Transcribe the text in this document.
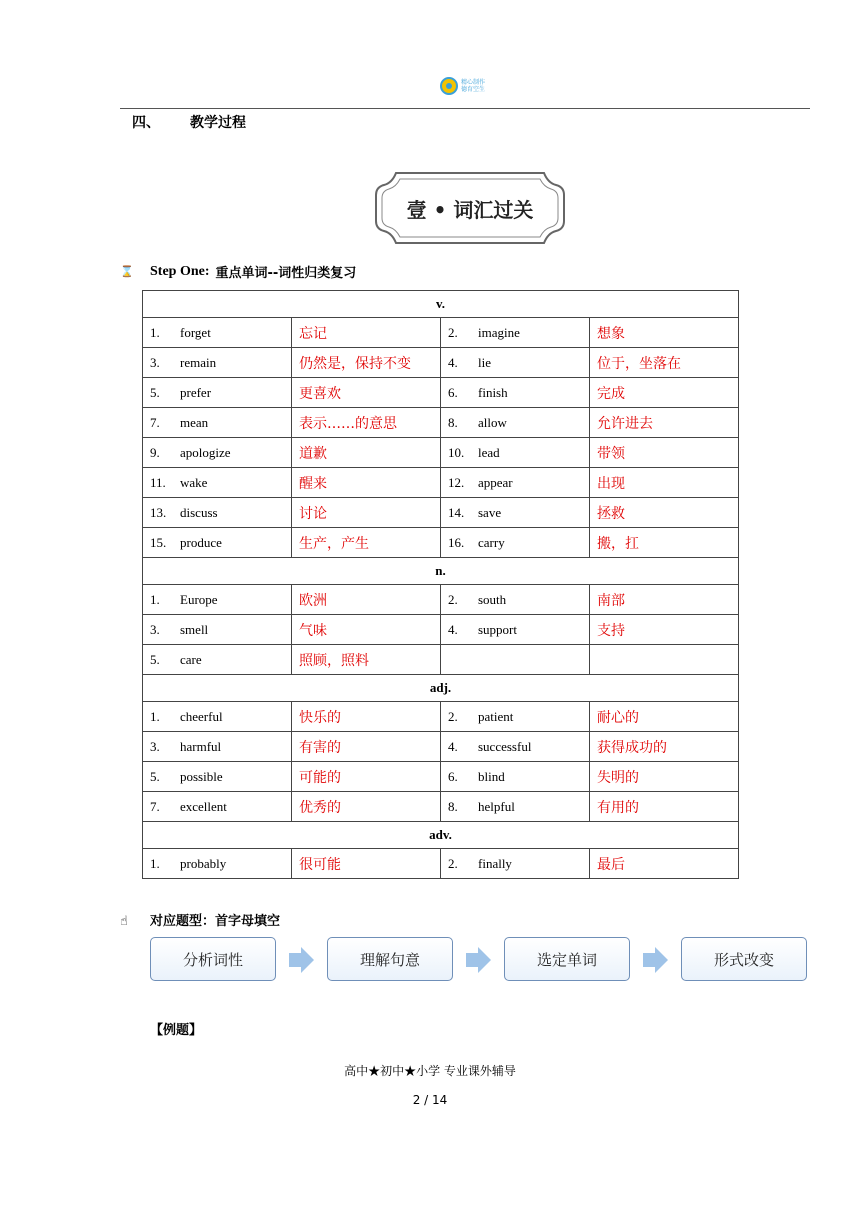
精心制作
德育空生
四、 教学过程
壹 • 词汇过关
⌛ Step One: 重点单词--词性归类复习
v.			
1. forget	忘记	2. imagine	想象
3. remain	仍然是，保持不变	4. lie	位于，坐落在
5. prefer	更喜欢	6. finish	完成
7. mean	表示……的意思	8. allow	允许进去
9. apologize	道歉	10. lead	带领
11. wake	醒来	12. appear	出现
13. discuss	讨论	14. save	拯救
15. produce	生产，产生	16. carry	搬，扛
n.			
1. Europe	欧洲	2. south	南部
3. smell	气味	4. support	支持
5. care	照顾，照料		
adj.			
1. cheerful	快乐的	2. patient	耐心的
3. harmful	有害的	4. successful	获得成功的
5. possible	可能的	6. blind	失明的
7. excellent	优秀的	8. helpful	有用的
adv.			
1. probably	很可能	2. finally	最后
☝ 对应题型：首字母填空
分析词性	理解句意	选定单词	形式改变
【例题】
高中★初中★小学 专业课外辅导
2 / 14
